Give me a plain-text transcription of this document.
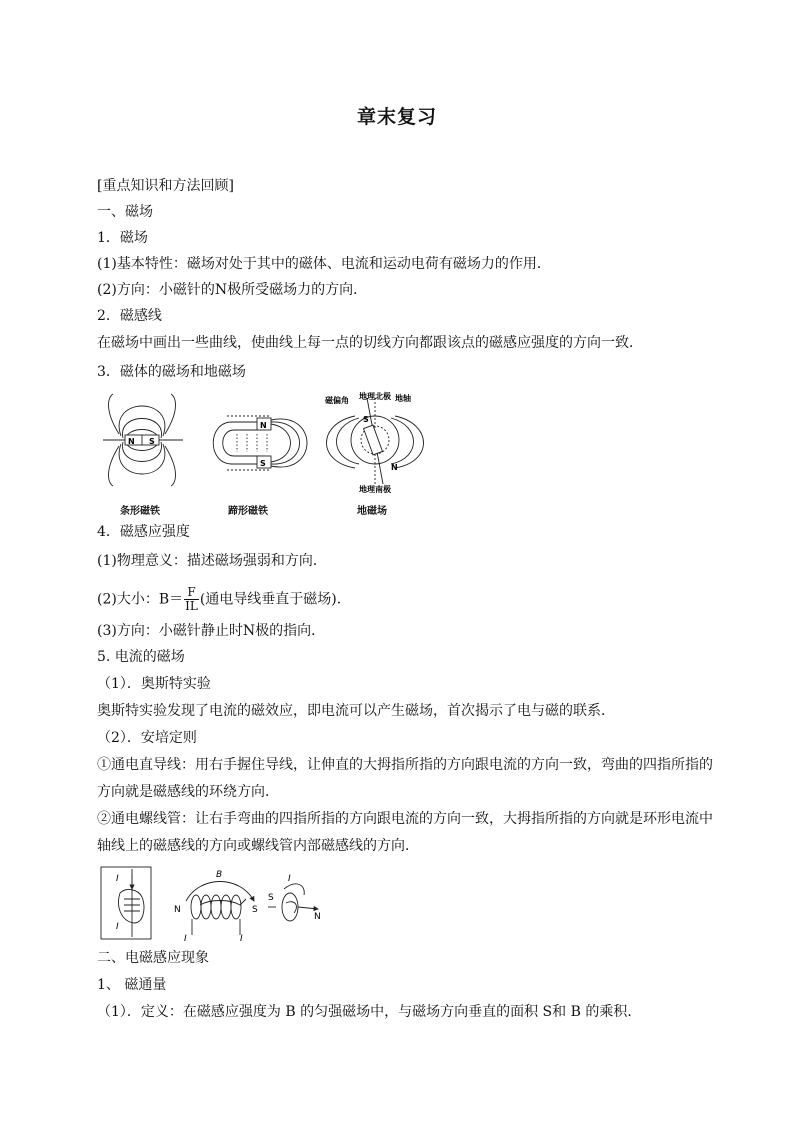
章末复习
[重点知识和方法回顾]
一、磁场
1．磁场
(1)基本特性：磁场对处于其中的磁体、电流和运动电荷有磁场力的作用．
(2)方向：小磁针的N极所受磁场力的方向．
2．磁感线
在磁场中画出一些曲线，使曲线上每一点的切线方向都跟该点的磁感应强度的方向一致．
3．磁体的磁场和地磁场
N S
N
S
磁偏角 地理北极 地轴
S
N
地理南极
条形磁铁	蹄形磁铁	地磁场
4．磁感应强度
(1)物理意义：描述磁场强弱和方向．
(2)大小：$B= \frac{F}{IL}$ (通电导线垂直于磁场)．
(3)方向：小磁针静止时N极的指向．
5. 电流的磁场
（1）．奥斯特实验
奥斯特实验发现了电流的磁效应，即电流可以产生磁场，首次揭示了电与磁的联系．
（2）．安培定则
①通电直导线：用右手握住导线，让伸直的大拇指所指的方向跟电流的方向一致，弯曲的四指所指的
方向就是磁感线的环绕方向．
②通电螺线管：让右手弯曲的四指所指的方向跟电流的方向一致，大拇指所指的方向就是环形电流中
轴线上的磁感线的方向或螺线管内部磁感线的方向．
I
I
B
N	S
I	I
I
S
N
二、电磁感应现象
1、 磁通量
（1）．定义：在磁感应强度为 B 的匀强磁场中，与磁场方向垂直的面积 S和 B 的乘积．
